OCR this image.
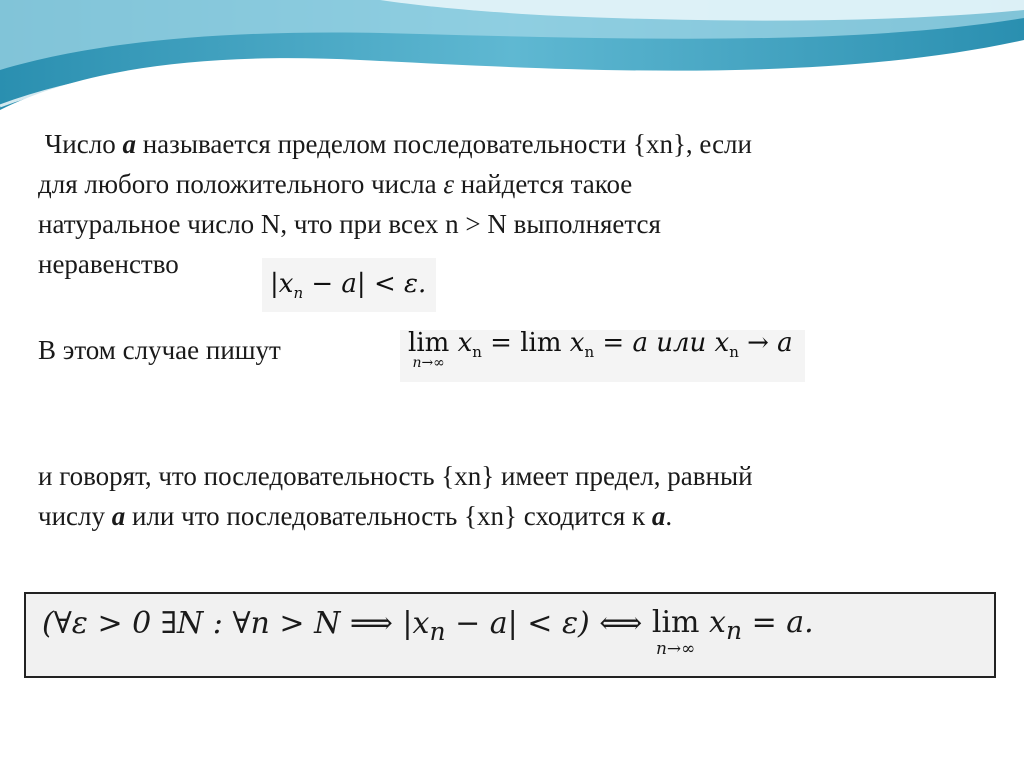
Число а называется пределом последовательности {xn}, если
для любого положительного числа ε найдется такое
натуральное число N, что при всех n > N выполняется
неравенство
$|x_n - a| < \varepsilon$.
В этом случае пишут	lim
n→∞
$x_n = \lim x_n = a$ или $x_n \to a$
и говорят, что последовательность {xn} имеет предел, равный
числу а или что последовательность {xn} сходится к а.
(∀ε > 0 ∃N : ∀n > N ⟹ $|x_n - a| < \varepsilon$) ⟺ lim
n→∞
$x_n = a$.
